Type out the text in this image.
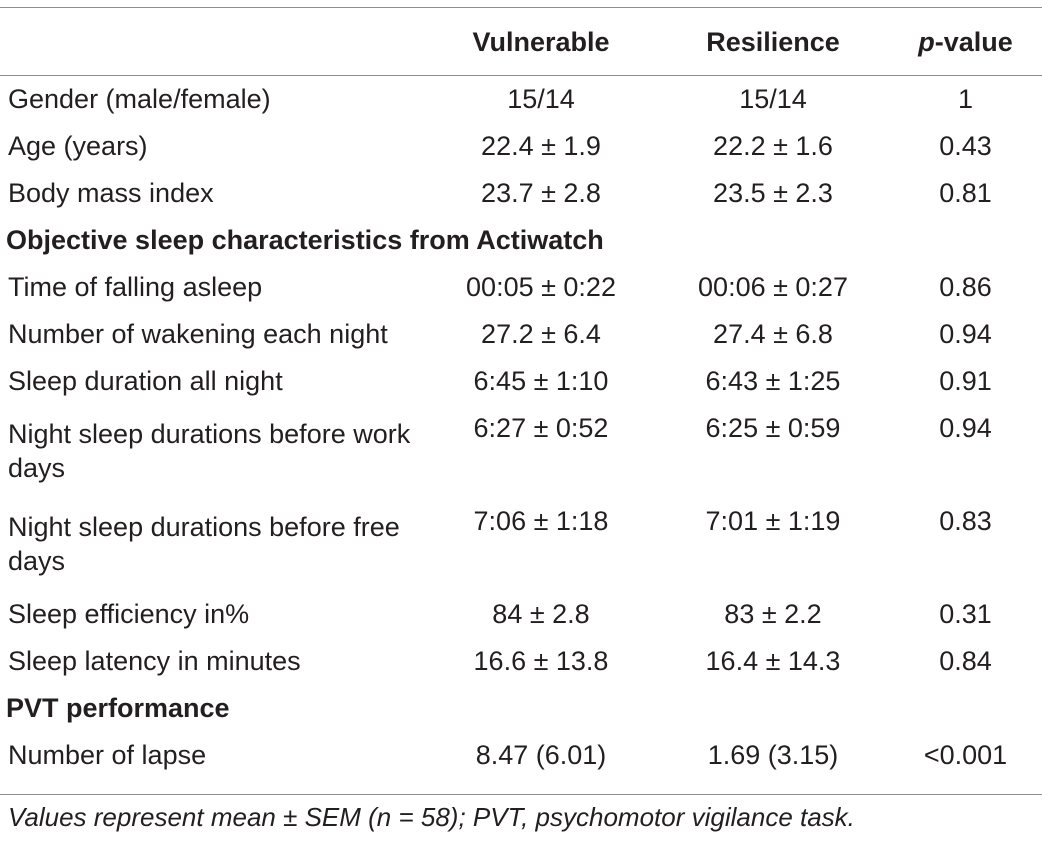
	Vulnerable	Resilience	p-value

Gender (male/female)	15/14	15/14	1
Age (years)	22.4 ± 1.9	22.2 ± 1.6	0.43
Body mass index	23.7 ± 2.8	23.5 ± 2.3	0.81
Objective sleep characteristics from Actiwatch			
Time of falling asleep	00:05 ± 0:22	00:06 ± 0:27	0.86
Number of wakening each night	27.2 ± 6.4	27.4 ± 6.8	0.94
Sleep duration all night	6:45 ± 1:10	6:43 ± 1:25	0.91
Night sleep durations before work days	6:27 ± 0:52	6:25 ± 0:59	0.94
Night sleep durations before free days	7:06 ± 1:18	7:01 ± 1:19	0.83
Sleep efficiency in%	84 ± 2.8	83 ± 2.2	0.31
Sleep latency in minutes	16.6 ± 13.8	16.4 ± 14.3	0.84
PVT performance			
Number of lapse	8.47 (6.01)	1.69 (3.15)	<0.001
Values represent mean ± SEM (n = 58); PVT, psychomotor vigilance task.
